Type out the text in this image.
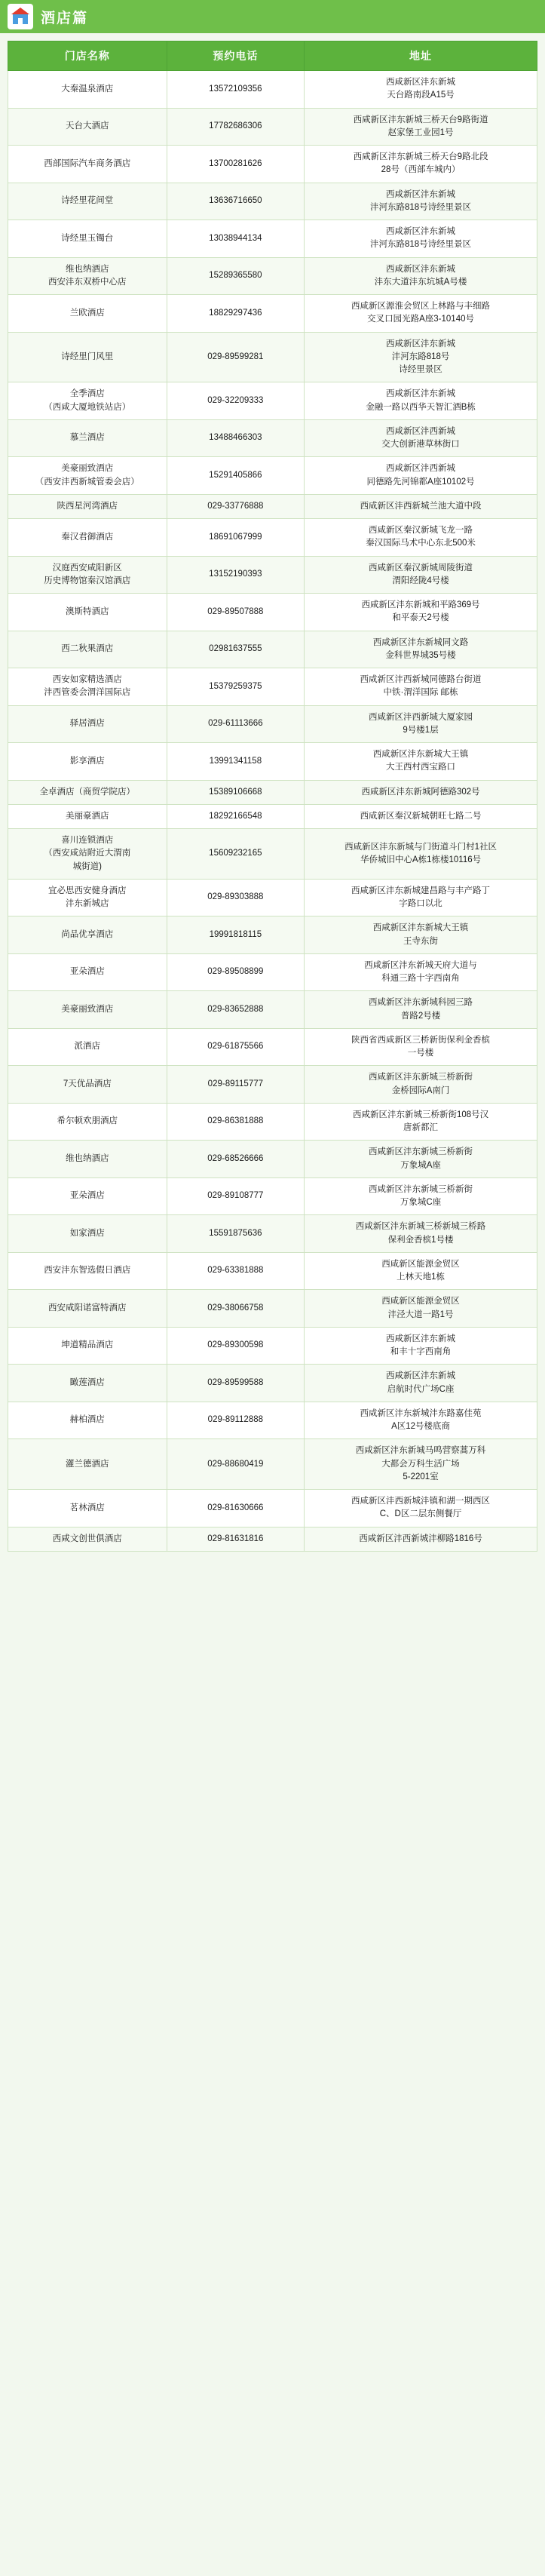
酒店篇
门店名称	预约电话	地址

大秦温泉酒店	13572109356	西咸新区沣东新城
天台路南段A15号

天台大酒店	17782686306	西咸新区沣东新城三桥天台9路街道
赵家堡工业园1号

西部国际汽车商务酒店	13700281626	西咸新区沣东新城三桥天台9路北段
28号（西部车城内）

诗经里花间堂	13636716650	西咸新区沣东新城
沣河东路818号诗经里景区

诗经里玉镯台	13038944134	西咸新区沣东新城
沣河东路818号诗经里景区

维也纳酒店
西安沣东双桥中心店	15289365580	西咸新区沣东新城
沣东大道沣东坑城A号楼

兰欧酒店	18829297436	西咸新区源淮会贸区上林路与丰细路
交叉口园光路A座3-10140号

诗经里门风里	029-89599281	西咸新区沣东新城
沣河东路818号
诗经里景区

全季酒店
（西咸大厦地铁站店）	029-32209333	西咸新区沣东新城
金融一路以西华天智汇酒B栋

慕兰酒店	13488466303	西咸新区沣西新城
交大创新港草林街口

美豪丽致酒店
（西安沣西新城管委会店）	15291405866	西咸新区沣西新城
同德路先河锦都A座10102号

陕西星河湾酒店	029-33776888	西咸新区沣西新城兰池大道中段

秦汉君御酒店	18691067999	西咸新区秦汉新城飞龙一路
秦汉国际马术中心东北500米

汉庭西安咸阳新区
历史博物馆秦汉馆酒店	13152190393	西咸新区秦汉新城周陵街道
渭阳经陇4号楼

澳斯特酒店	029-89507888	西咸新区沣东新城和平路369号
和平泰天2号楼

西二秋果酒店	02981637555	西咸新区沣东新城同文路
金科世界城35号楼

西安如家精选酒店
沣西管委会渭洋国际店	15379259375	西咸新区沣西新城同德路台街道
中铁·渭洋国际 邮栋

驿居酒店	029-61113666	西咸新区沣西新城大厦家园
9号楼1层

影享酒店	13991341158	西咸新区沣东新城大王镇
大王西村西宝路口

全卓酒店（商贸学院店）	15389106668	西咸新区沣东新城阿德路302号

美丽豪酒店	18292166548	西咸新区秦汉新城朝旺七路二号

喜川连锁酒店
（西安咸站附近大渭南
城街道)	15609232165	西咸新区沣东新城与门街道斗门村1社区
华侨城旧中心A栋1栋楼10116号

宜必思西安健身酒店
沣东新城店	029-89303888	西咸新区沣东新城建昌路与丰产路丁
字路口以北

尚品优享酒店	19991818115	西咸新区沣东新城大王镇
王寺东街

亚朵酒店	029-89508899	西咸新区沣东新城天府大道与
科通三路十字西南角

美豪丽致酒店	029-83652888	西咸新区沣东新城科园三路
普路2号楼

派酒店	029-61875566	陕西省西咸新区三桥新街保利金香槟
一号楼

7天优品酒店	029-89115777	西咸新区沣东新城三桥新街
金桥园际A南门

希尔顿欢朋酒店	029-86381888	西咸新区沣东新城三桥新街108号汉
唐新都汇

维也纳酒店	029-68526666	西咸新区沣东新城三桥新街
万象城A座

亚朵酒店	029-89108777	西咸新区沣东新城三桥新街
万象城C座

如家酒店	15591875636	西咸新区沣东新城三桥新城三桥路
保利金香槟1号楼

西安沣东智选假日酒店	029-63381888	西咸新区能源金贸区
上林天地1栋

西安咸阳诺富特酒店	029-38066758	西咸新区能源金贸区
沣泾大道一路1号

坤道精品酒店	029-89300598	西咸新区沣东新城
和丰十字西南角

瞰莲酒店	029-89599588	西咸新区沣东新城
启航时代广场C座

赫柏酒店	029-89112888	西咸新区沣东新城沣东路嘉佳苑
A区12号楼底商

灌兰德酒店	029-88680419	西咸新区沣东新城马鸣营察蒿万科
大都会万科生活广场
5-2201室

茗林酒店	029-81630666	西咸新区沣西新城沣镇和湖一期西区
C、D区二层东侧餐厅

西咸文创世俱酒店	029-81631816	西咸新区沣西新城沣柳路1816号
